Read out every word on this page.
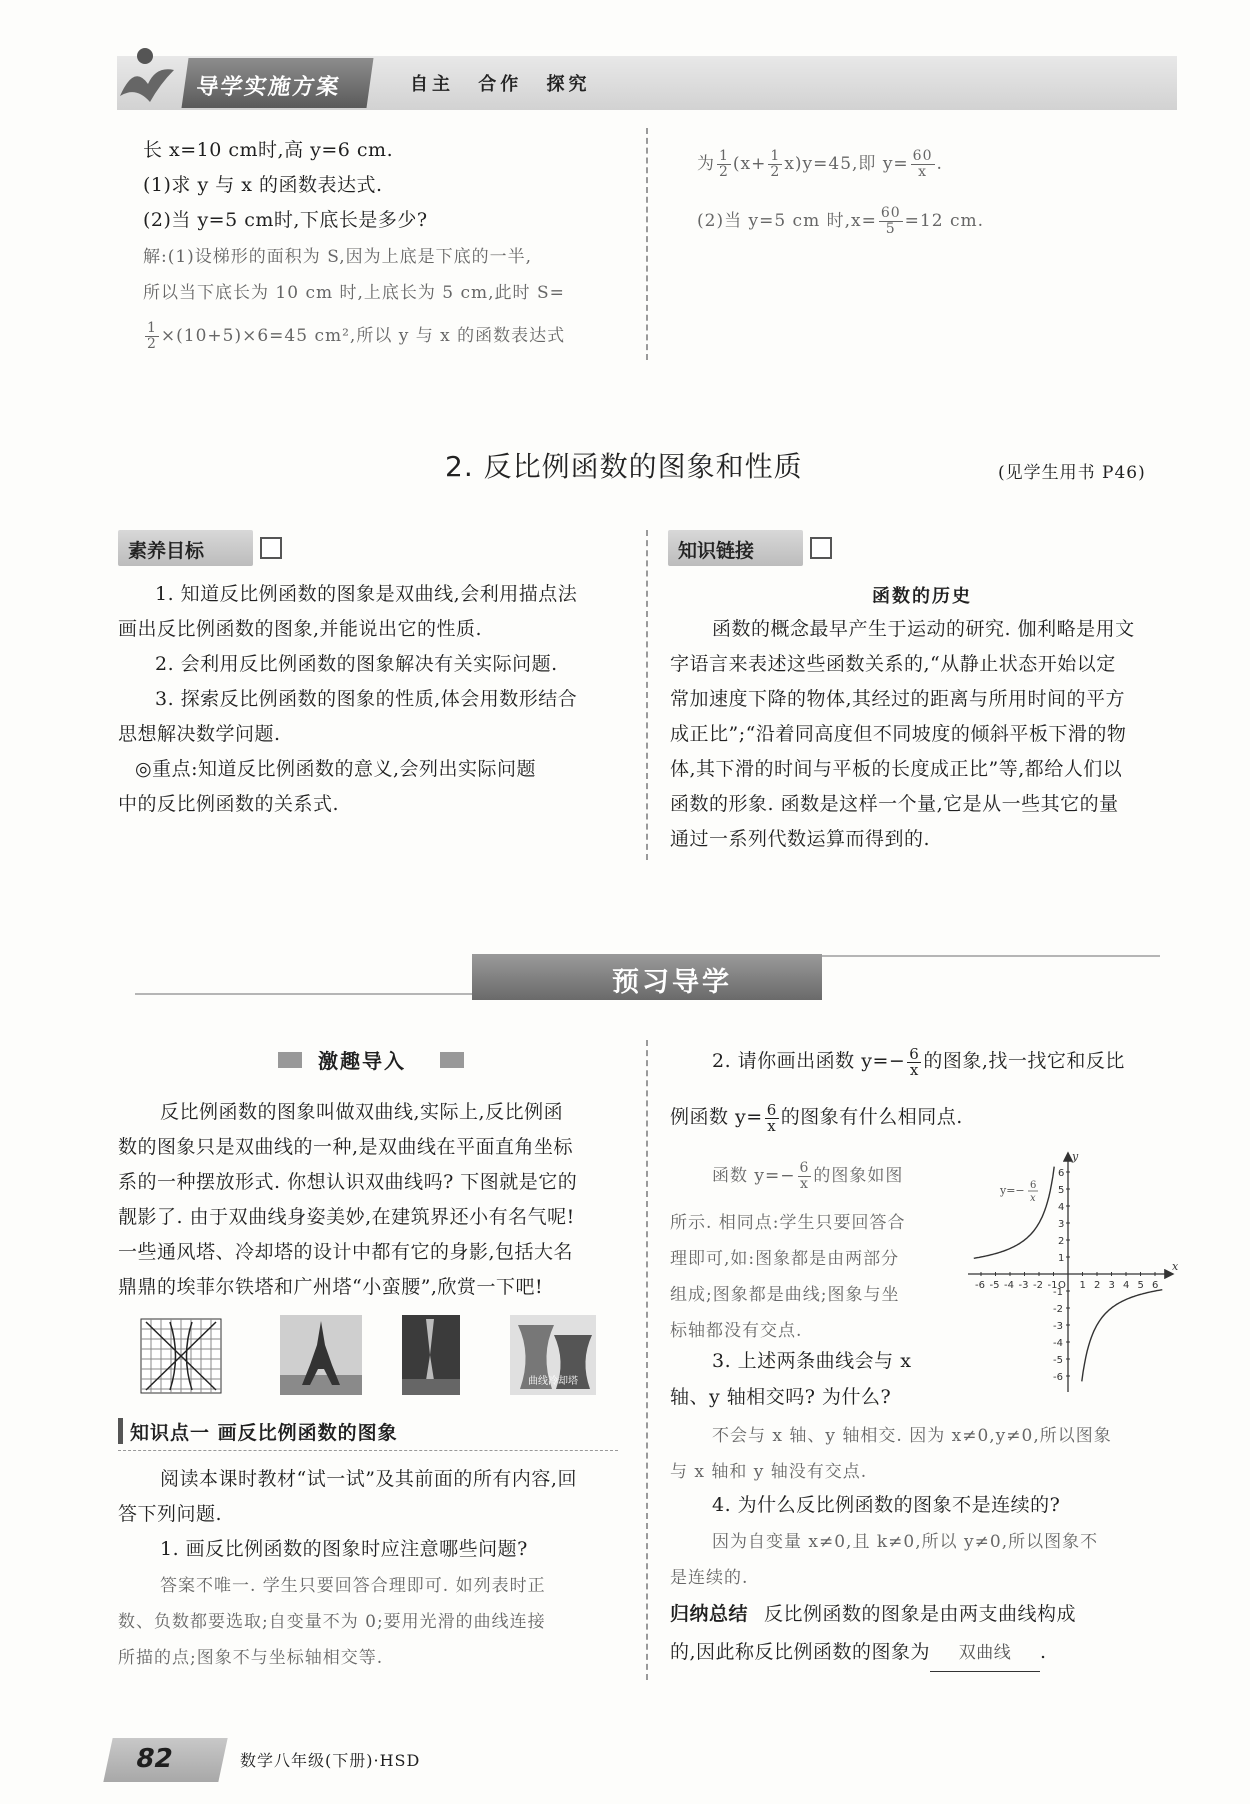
导学实施方案	自主 合作 探究
长 x=10 cm时,高 y=6 cm.
(1)求 y 与 x 的函数表达式.
(2)当 y=5 cm时,下底长是多少?
解:(1)设梯形的面积为 S,因为上底是下底的一半,
所以当下底长为 10 cm 时,上底长为 5 cm,此时 S=
$\frac{1}{2} \times(10+5)\times 6=45$ cm²,所以 y 与 x 的函数表达式
为 $\frac{1}{2} (x+ \frac{1}{2} x)y=45$,即 $y= \frac{60}{x}$ .
(2)当 y=5 cm 时$,x= \frac{60}{5} =12$ cm.
2. 反比例函数的图象和性质	(见学生用书 P46)
素养目标
1. 知道反比例函数的图象是双曲线,会利用描点法
画出反比例函数的图象,并能说出它的性质.
2. 会利用反比例函数的图象解决有关实际问题.
3. 探索反比例函数的图象的性质,体会用数形结合
思想解决数学问题.
◎重点:知道反比例函数的意义,会列出实际问题
中的反比例函数的关系式.
知识链接
函数的历史
函数的概念最早产生于运动的研究. 伽利略是用文
字语言来表述这些函数关系的,“从静止状态开始以定
常加速度下降的物体,其经过的距离与所用时间的平方
成正比”;“沿着同高度但不同坡度的倾斜平板下滑的物
体,其下滑的时间与平板的长度成正比”等,都给人们以
函数的形象. 函数是这样一个量,它是从一些其它的量
通过一系列代数运算而得到的.
预习导学
激趣导入
反比例函数的图象叫做双曲线,实际上,反比例函
数的图象只是双曲线的一种,是双曲线在平面直角坐标
系的一种摆放形式. 你想认识双曲线吗? 下图就是它的
靓影了. 由于双曲线身姿美妙,在建筑界还小有名气呢!
一些通风塔、冷却塔的设计中都有它的身影,包括大名
鼎鼎的埃菲尔铁塔和广州塔“小蛮腰”,欣赏一下吧!
曲线冷却塔
知识点一 画反比例函数的图象
阅读本课时教材“试一试”及其前面的所有内容,回
答下列问题.
1. 画反比例函数的图象时应注意哪些问题?
答案不唯一. 学生只要回答合理即可. 如列表时正
数、负数都要选取;自变量不为 0;要用光滑的曲线连接
所描的点;图象不与坐标轴相交等.
2. 请你画出函数 $y=- \frac{6}{x}$ 的图象,找一找它和反比
例函数 $y= \frac{6}{x}$ 的图象有什么相同点.
函数 $y=- \frac{6}{x}$ 的图象如图
所示. 相同点:学生只要回答合
理即可,如:图象都是由两部分
组成;图象都是曲线;图象与坐
标轴都没有交点.
-6 -5 -4 -3 -2 -1 O 1 2 3 4 5 6
6
5
4
3
2
1
-1
-2
-3
-4
-5
-6
x
y
y=− 6
x
3. 上述两条曲线会与 x
轴、y 轴相交吗? 为什么?
不会与 x 轴、y 轴相交. 因为 x≠0,y≠0,所以图象
与 x 轴和 y 轴没有交点.
4. 为什么反比例函数的图象不是连续的?
因为自变量 x≠0,且 k≠0,所以 y≠0,所以图象不
是连续的.
归纳总结 反比例函数的图象是由两支曲线构成
的,因此称反比例函数的图象为 双曲线 .
82	数学八年级(下册)·HSD
